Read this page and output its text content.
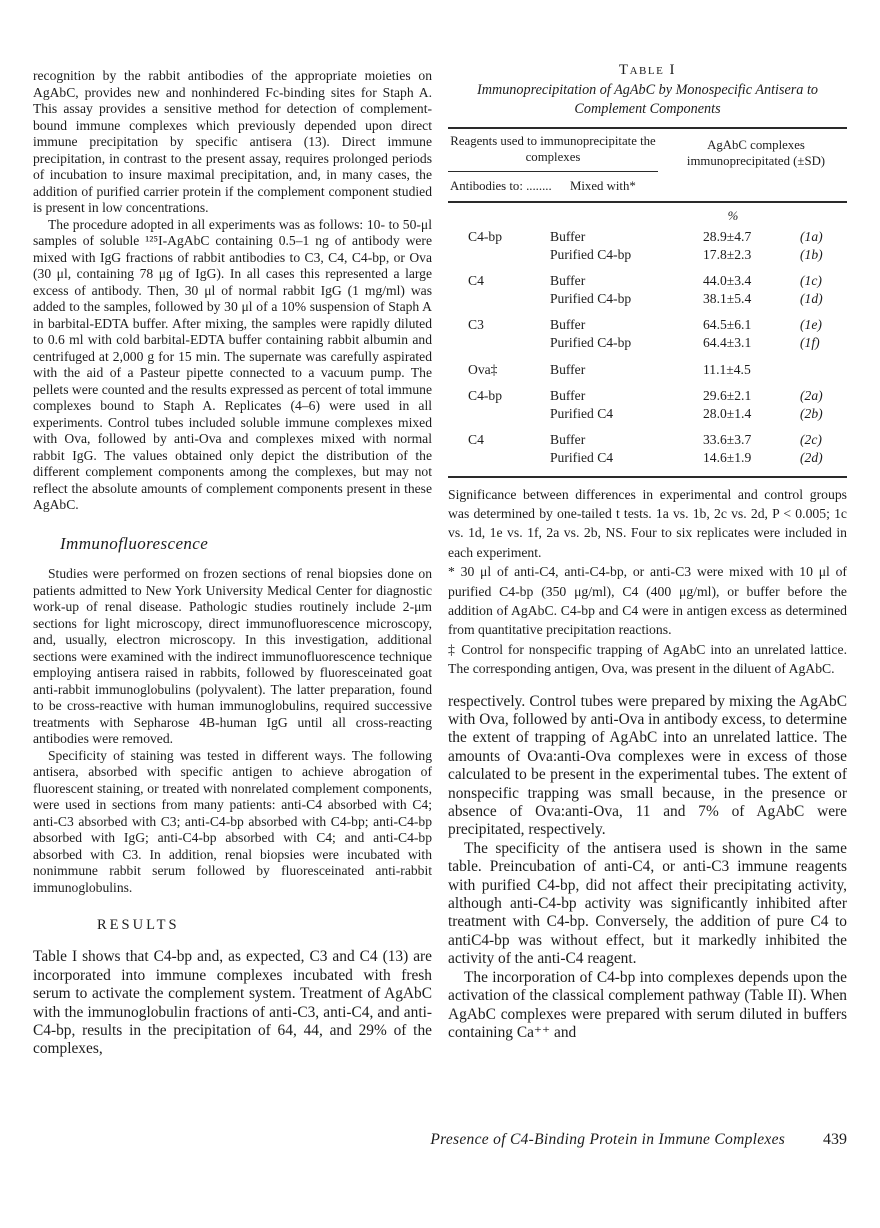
recognition by the rabbit antibodies of the appropriate moieties on AgAbC, provides new and nonhindered Fc-binding sites for Staph A. This assay provides a sensitive method for detection of complement-bound immune complexes which previously depended upon direct immune precipitation by specific antisera (13). Direct immune precipitation, in contrast to the present assay, requires prolonged periods of incubation to insure maximal precipitation, and, in many cases, the addition of purified carrier protein if the complement component studied is present in low concentrations.

The procedure adopted in all experiments was as follows: 10- to 50-μl samples of soluble ¹²⁵I-AgAbC containing 0.5–1 ng of antibody were mixed with IgG fractions of rabbit antibodies to C3, C4, C4-bp, or Ova (30 μl, containing 78 μg of IgG). In all cases this represented a large excess of antibody. Then, 30 μl of normal rabbit IgG (1 mg/ml) was added to the samples, followed by 30 μl of a 10% suspension of Staph A in barbital-EDTA buffer. After mixing, the samples were rapidly diluted to 0.6 ml with cold barbital-EDTA buffer containing rabbit albumin and centrifuged at 2,000 g for 15 min. The supernate was carefully aspirated with the aid of a Pasteur pipette connected to a vacuum pump. The pellets were counted and the results expressed as percent of total immune complexes bound to Staph A. Replicates (4–6) were used in all experiments. Control tubes included soluble immune complexes mixed with Ova, followed by anti-Ova and complexes mixed with normal rabbit IgG. The values obtained only depict the distribution of the different complement components among the complexes, but may not reflect the absolute amounts of complement components present in these AgAbC.

Immunofluorescence

Studies were performed on frozen sections of renal biopsies done on patients admitted to New York University Medical Center for diagnostic work-up of renal disease. Pathologic studies routinely include 2-μm sections for light microscopy, direct immunofluorescence microscopy, and, usually, electron microscopy. In this investigation, additional sections were examined with the indirect immunofluorescence technique employing antisera raised in rabbits, followed by fluoresceinated goat anti-rabbit immunoglobulins (polyvalent). The latter preparation, found to be cross-reactive with human immunoglobulins, required successive treatments with Sepharose 4B-human IgG until all cross-reacting antibodies were removed.

Specificity of staining was tested in different ways. The following antisera, absorbed with specific antigen to achieve abrogation of fluorescent staining, or treated with nonrelated complement components, were used in sections from many patients: anti-C4 absorbed with C4; anti-C3 absorbed with C3; anti-C4-bp absorbed with C4-bp; anti-C4-bp absorbed with IgG; anti-C4-bp absorbed with C4; and anti-C4-bp absorbed with C3. In addition, renal biopsies were incubated with nonimmune rabbit serum followed by fluoresceinated anti-rabbit immunoglobulins.

RESULTS

Table I shows that C4-bp and, as expected, C3 and C4 (13) are incorporated into immune complexes incubated with fresh serum to activate the complement system. Treatment of AgAbC with the immunoglobulin fractions of anti-C3, anti-C4, and anti-C4-bp, results in the precipitation of 64, 44, and 29% of the complexes,

Table I
Immunoprecipitation of AgAbC by Monospecific Antisera to Complement Components
Reagents used to immunoprecipitate the complexes
Antibodies to: ........ Mixed with*
AgAbC complexes immunoprecipitated (±SD)
%
C4-bp	Buffer	28.9±4.7	(1a)
Purified C4-bp	17.8±2.3	(1b)
C4	Buffer	44.0±3.4	(1c)
Purified C4-bp	38.1±5.4	(1d)
C3	Buffer	64.5±6.1	(1e)
Purified C4-bp	64.4±3.1	(1f)
Ova‡	Buffer	11.1±4.5
C4-bp	Buffer	29.6±2.1	(2a)
Purified C4	28.0±1.4	(2b)
C4	Buffer	33.6±3.7	(2c)
Purified C4	14.6±1.9	(2d)

Significance between differences in experimental and control groups was determined by one-tailed t tests. 1a vs. 1b, 2c vs. 2d, P < 0.005; 1c vs. 1d, 1e vs. 1f, 2a vs. 2b, NS. Four to six replicates were included in each experiment.

* 30 μl of anti-C4, anti-C4-bp, or anti-C3 were mixed with 10 μl of purified C4-bp (350 μg/ml), C4 (400 μg/ml), or buffer before the addition of AgAbC. C4-bp and C4 were in antigen excess as determined from quantitative precipitation reactions.

‡ Control for nonspecific trapping of AgAbC into an unrelated lattice. The corresponding antigen, Ova, was present in the diluent of AgAbC.

respectively. Control tubes were prepared by mixing the AgAbC with Ova, followed by anti-Ova in antibody excess, to determine the extent of trapping of AgAbC into an unrelated lattice. The amounts of Ova:anti-Ova complexes were in excess of those calculated to be present in the experimental tubes. The extent of nonspecific trapping was small because, in the presence or absence of Ova:anti-Ova, 11 and 7% of AgAbC were precipitated, respectively.

The specificity of the antisera used is shown in the same table. Preincubation of anti-C4, or anti-C3 immune reagents with purified C4-bp, did not affect their precipitating activity, although anti-C4-bp activity was significantly inhibited after treatment with C4-bp. Conversely, the addition of pure C4 to antiC4-bp was without effect, but it markedly inhibited the activity of the anti-C4 reagent.

The incorporation of C4-bp into complexes depends upon the activation of the classical complement pathway (Table II). When AgAbC complexes were prepared with serum diluted in buffers containing Ca⁺⁺ and

Presence of C4-Binding Protein in Immune Complexes 439
